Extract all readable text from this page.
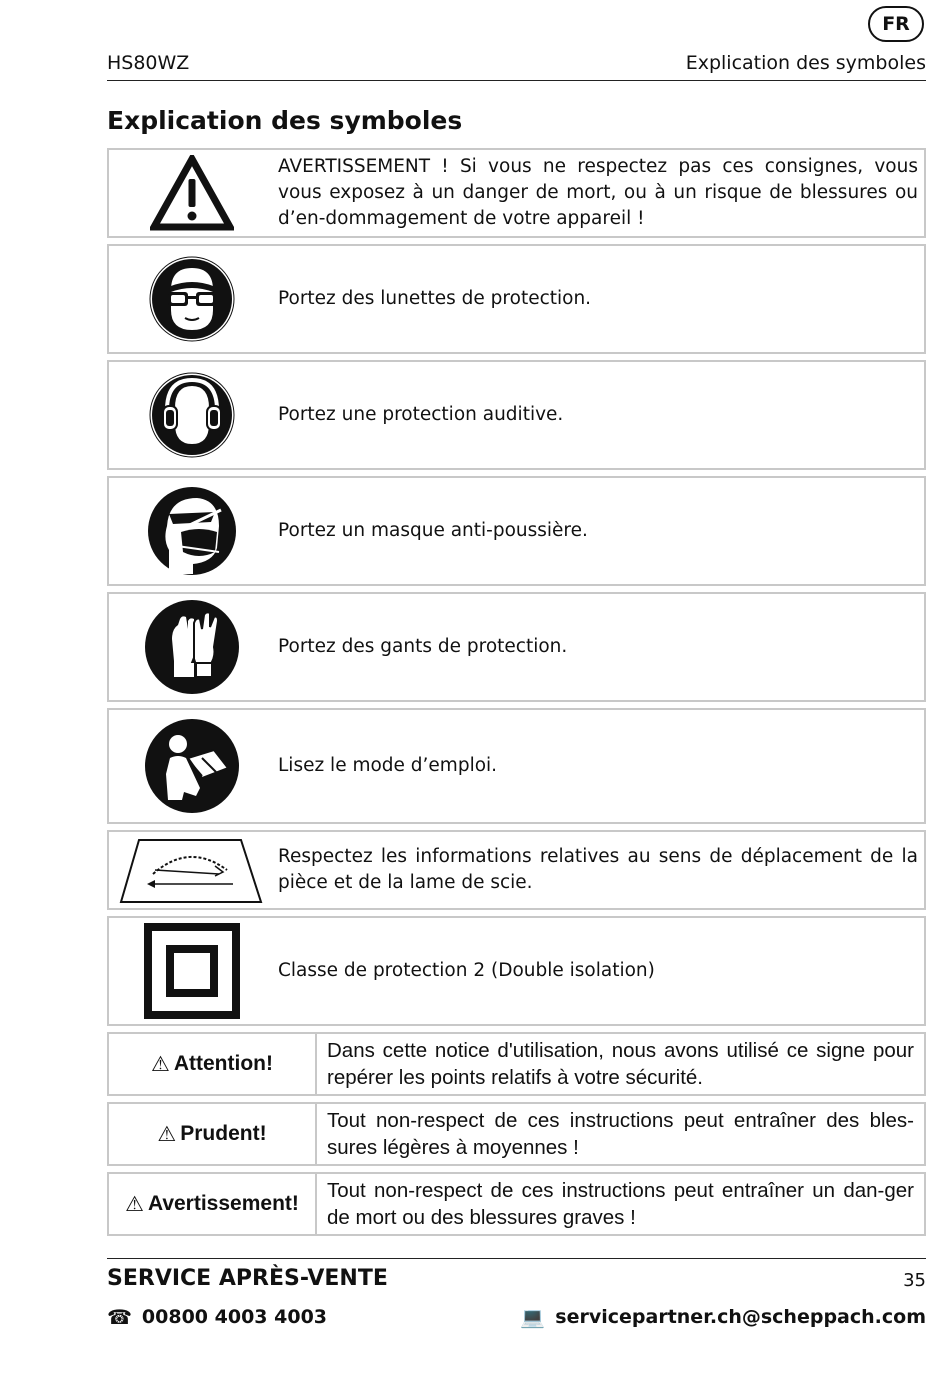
FR
HS80WZ	Explication des symboles
Explication des symboles
AVERTISSEMENT ! Si vous ne respectez pas ces consignes, vous vous exposez à un danger de mort, ou à un risque de blessures ou d’en-dommagement de votre appareil !
Portez des lunettes de protection.
Portez une protection auditive.
Portez un masque anti-poussière.
Portez des gants de protection.
Lisez le mode d’emploi.
Respectez les informations relatives au sens de déplacement de la pièce et de la lame de scie.
Classe de protection 2 (Double isolation)
⚠ Attention!
Dans cette notice d'utilisation, nous avons utilisé ce signe pour repérer les points relatifs à votre sécurité.
⚠ Prudent!
Tout non-respect de ces instructions peut entraîner des bles-sures légères à moyennes !
⚠ Avertissement!
Tout non-respect de ces instructions peut entraîner un dan-ger de mort ou des blessures graves !
SERVICE APRÈS-VENTE	35
☎ 00800 4003 4003	💻 servicepartner.ch@scheppach.com
